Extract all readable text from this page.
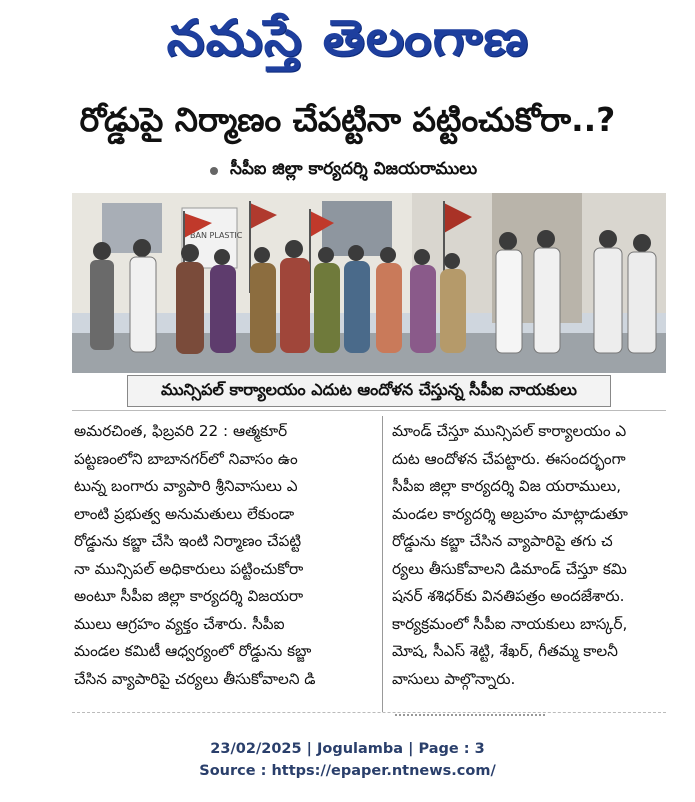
నమస్తే తెలంగాణ
రోడ్డుపై నిర్మాణం చేపట్టినా పట్టించుకోరా..?
సీపీఐ జిల్లా కార్యదర్శి విజయరాములు
BAN PLASTIC
మున్సిపల్ కార్యాలయం ఎదుట ఆందోళన చేస్తున్న సీపీఐ నాయకులు
అమరచింత, ఫిబ్రవరి 22 : ఆత్మకూర్
పట్టణంలోని బాబానగర్‌లో నివాసం ఉం
టున్న బంగారు వ్యాపారి శ్రీనివాసులు ఎ
లాంటి ప్రభుత్వ అనుమతులు లేకుండా
రోడ్డును కబ్జా చేసి ఇంటి నిర్మాణం చేపట్టి
నా మున్సిపల్ అధికారులు పట్టించుకోరా
అంటూ సీపీఐ జిల్లా కార్యదర్శి విజయరా
ములు ఆగ్రహం వ్యక్తం చేశారు. సీపీఐ
మండల కమిటీ ఆధ్వర్యంలో రోడ్డును కబ్జా
చేసిన వ్యాపారిపై చర్యలు తీసుకోవాలని డి
మాండ్ చేస్తూ మున్సిపల్ కార్యాలయం ఎ
దుట ఆందోళన చేపట్టారు. ఈసందర్భంగా
సీపీఐ జిల్లా కార్యదర్శి విజ యరాములు,
మండల కార్యదర్శి అబ్రహం మాట్లాడుతూ
రోడ్డును కబ్జా చేసిన వ్యాపారిపై తగు చ
ర్యలు తీసుకోవాలని డిమాండ్ చేస్తూ కమి
షనర్ శశిధర్‌కు వినతిపత్రం అందజేశారు.
కార్యక్రమంలో సీపీఐ నాయకులు బాస్కర్,
మోష, సీఎస్ శెట్టి, శేఖర్, గీతమ్మ కాలనీ
వాసులు పాల్గొన్నారు.
23/02/2025 | Jogulamba | Page : 3
Source : https://epaper.ntnews.com/
